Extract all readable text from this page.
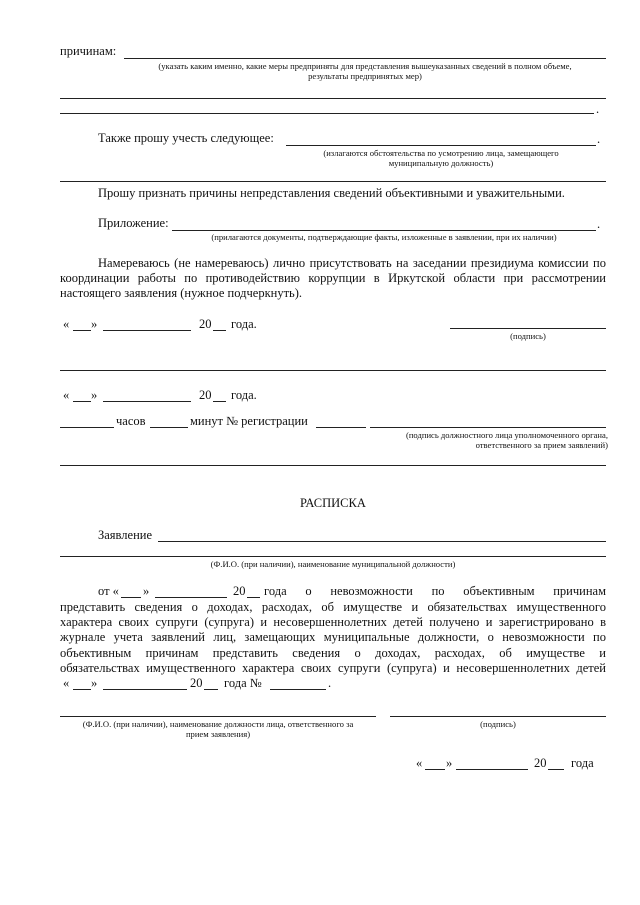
причинам:
(указать каким именно, какие меры предприняты для представления вышеуказанных сведений в полном объеме,
результаты предпринятых мер)
.
Также прошу учесть следующее:	.
(излагаются обстоятельства по усмотрению лица, замещающего
муниципальную должность)
Прошу признать причины непредставления сведений объективными и уважительными.
Приложение:	.
(прилагаются документы, подтверждающие факты, изложенные в заявлении, при их наличии)
Намереваюсь (не намереваюсь) лично присутствовать на заседании президиума комиссии по
координации работы по противодействию коррупции в Иркутской области при рассмотрении
настоящего заявления (нужное подчеркнуть).
« »	20 года.
(подпись)
« »	20 года.
часов	минут № регистрации
(подпись должностного лица уполномоченного органа,
ответственного за прием заявлений)
РАСПИСКА
Заявление
(Ф.И.О. (при наличии), наименование муниципальной должности)
от « »	20 года о невозможности по объективным причинам
представить сведения о доходах, расходах, об имуществе и обязательствах имущественного
характера своих супруги (супруга) и несовершеннолетних детей получено и зарегистрировано в
журнале учета заявлений лиц, замещающих муниципальные должности, о невозможности по
объективным причинам представить сведения о доходах, расходах, об имуществе и
обязательствах имущественного характера своих супруги (супруга) и несовершеннолетних детей
« »	20 года №	.
(Ф.И.О. (при наличии), наименование должности лица, ответственного за
прием заявления)
(подпись)
« »	20 года
